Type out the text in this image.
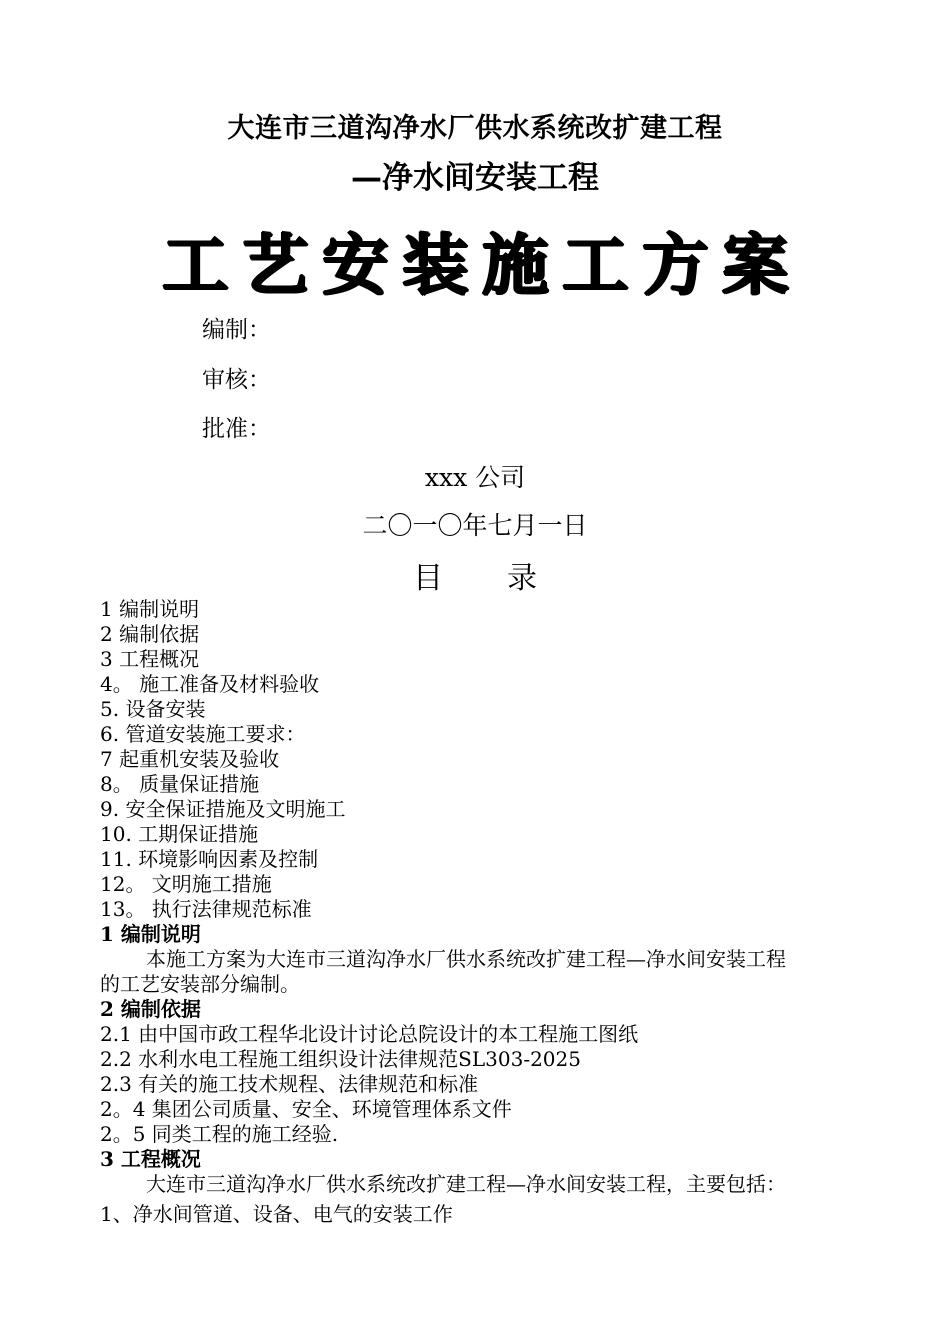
大连市三道沟净水厂供水系统改扩建工程
—净水间安装工程
工艺安装施工方案
编制：
审核：
批准：
xxx 公司
二〇一〇年七月一日
目 录
1 编制说明
2 编制依据
3 工程概况
4。 施工准备及材料验收
5. 设备安装
6. 管道安装施工要求：
7 起重机安装及验收
8。 质量保证措施
9. 安全保证措施及文明施工
10. 工期保证措施
11. 环境影响因素及控制
12。 文明施工措施
13。 执行法律规范标准
1 编制说明
本施工方案为大连市三道沟净水厂供水系统改扩建工程—净水间安装工程
的工艺安装部分编制。
2 编制依据
2.1 由中国市政工程华北设计讨论总院设计的本工程施工图纸
2.2 水利水电工程施工组织设计法律规范SL303-2025
2.3 有关的施工技术规程、法律规范和标准
2。4 集团公司质量、安全、环境管理体系文件
2。5 同类工程的施工经验.
3 工程概况
大连市三道沟净水厂供水系统改扩建工程—净水间安装工程，主要包括：
1、净水间管道、设备、电气的安装工作
